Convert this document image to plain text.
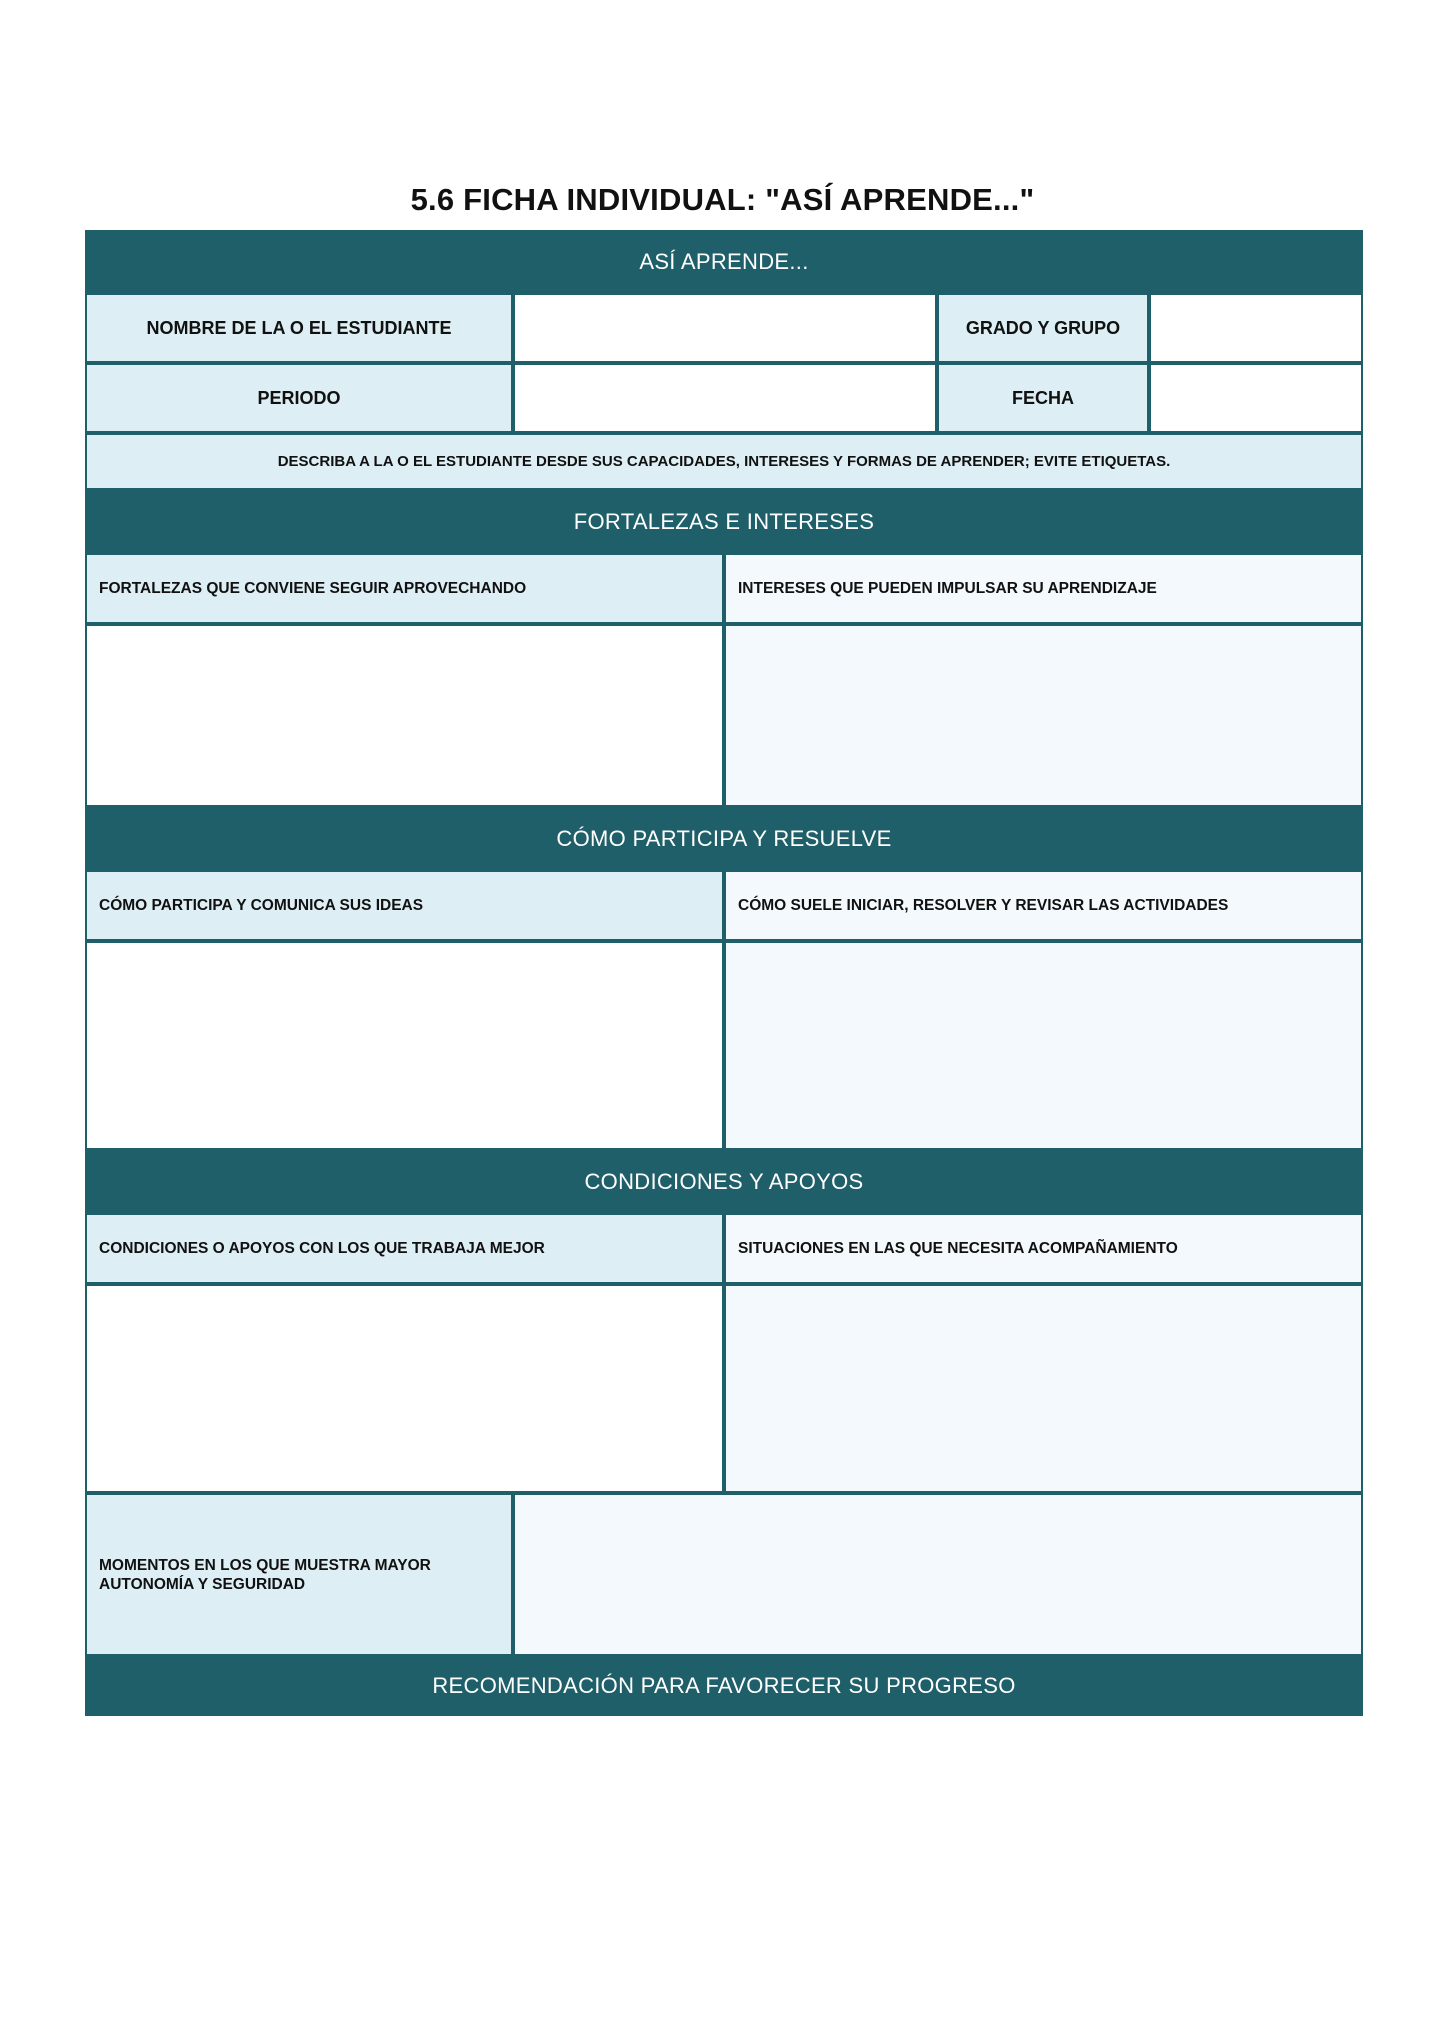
5.6 FICHA INDIVIDUAL: "ASÍ APRENDE..."
ASÍ APRENDE...
NOMBRE DE LA O EL ESTUDIANTE	GRADO Y GRUPO
PERIODO	FECHA
DESCRIBA A LA O EL ESTUDIANTE DESDE SUS CAPACIDADES, INTERESES Y FORMAS DE APRENDER; EVITE ETIQUETAS.
FORTALEZAS E INTERESES
FORTALEZAS QUE CONVIENE SEGUIR APROVECHANDO	INTERESES QUE PUEDEN IMPULSAR SU APRENDIZAJE
CÓMO PARTICIPA Y RESUELVE
CÓMO PARTICIPA Y COMUNICA SUS IDEAS	CÓMO SUELE INICIAR, RESOLVER Y REVISAR LAS ACTIVIDADES
CONDICIONES Y APOYOS
CONDICIONES O APOYOS CON LOS QUE TRABAJA MEJOR	SITUACIONES EN LAS QUE NECESITA ACOMPAÑAMIENTO
MOMENTOS EN LOS QUE MUESTRA MAYOR AUTONOMÍA Y SEGURIDAD
RECOMENDACIÓN PARA FAVORECER SU PROGRESO
